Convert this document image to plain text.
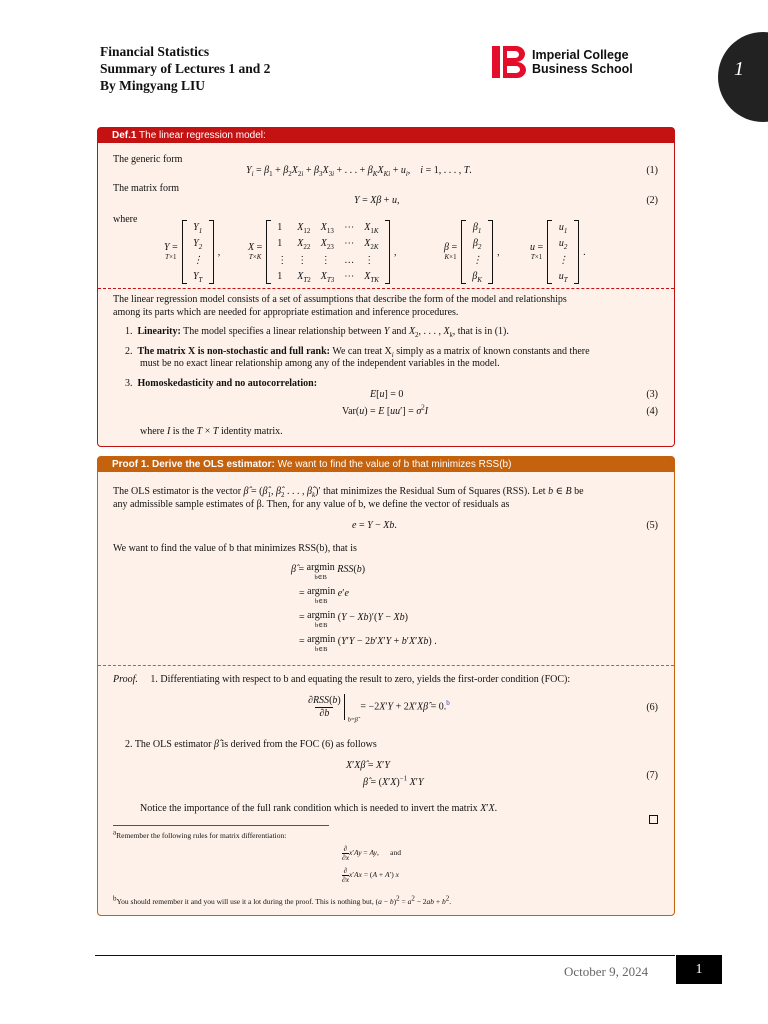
Financial Statistics
Summary of Lectures 1 and 2
By Mingyang LIU
Imperial College
Business School	1
Def.1 The linear regression model:
The generic form
$Y_i = \beta_1 + \beta_2X_{2i} + \beta_3X_{3i}$ + . . . + $\beta_KX_{Ki} + u_i$,    i = 1, . . . , T.	(1)
The matrix form
Y = Xβ + u,	(2)
where
Y =
T×1
$Y_1$
$Y_2$
⋮
$Y_T$
,	X =
T×K
1	$X_{12}$ $X_{13}$ ⋯ $X_{1K}$
1	$X_{22}$ $X_{23}$ ⋯ $X_{2K}$
⋮ ⋮	⋮	… ⋮
1	$X_{T2}$ $X_{T3}$ ⋯ $X_{TK}$
,	β =
K×1
$\beta_1$
$\beta_2$
⋮
$\beta_K$
,	u =
T×1
$u_1$
$u_2$
⋮
$u_T$
.
The linear regression model consists of a set of assumptions that describe the form of the model and relationships
among its parts which are needed for appropriate estimation and inference procedures.
1. Linearity: The model specifies a linear relationship between Y and $X_2$, . . . , $X_k$, that is in (1).
2. The matrix X is non-stochastic and full rank: We can treat $X_i$ simply as a matrix of known constants and there
must be no exact linear relationship among any of the independent variables in the model.
3. Homoskedasticity and no autocorrelation:
E[u] = 0	(3)
Var(u) = E $[uu'] = \sigma^2I$	(4)
where I is the T × T identity matrix.
Proof 1. Derive the OLS estimator: We want to find the value of b that minimizes RSS(b)
The OLS estimator is the vector β̂ = ($\betâ_1$, $\betâ_2$ . . . , $\betâ_k)'$ that minimizes the Residual Sum of Squares (RSS). Let b ∈ B be
any admissible sample estimates of β. Then, for any value of b, we define the vector of residuals as
e = Y − Xb.	(5)
We want to find the value of b that minimizes RSS(b), that is
β̂ = argmin
b∈B RSS(b)
= argmin
b∈B e′e
= argmin
b∈B (Y − Xb)′(Y − Xb)
= argmin
b∈B (Y′Y − 2b′X′Y + b′X′Xb) .
Proof. 1. Differentiating with respect to b and equating the result to zero, yields the first-order condition (FOC):
∂RSS(b)
$\partial b_{b=\betâ} = -2X'Y$ + 2X′Xβ̂ = 0.$^b$	(6)
2. The OLS estimator β̂ is derived from the FOC (6) as follows
X′Xβ̂ = X′Y
β̂ = $(X'X)^{-1}$ X′Y
(7)
Notice the importance of the full rank condition which is needed to invert the matrix X′X.
$^a$Remember the following rules for matrix differentiation:
∂
∂xx′Ay = Ay,      and
∂
∂xx′Ax = (A + A′) x
$^b$You should remember it and you will use it a lot during the proof. This is nothing but, $(a - b)^2 = a^2 - 2ab + b^2$.
October 9, 2024	1
